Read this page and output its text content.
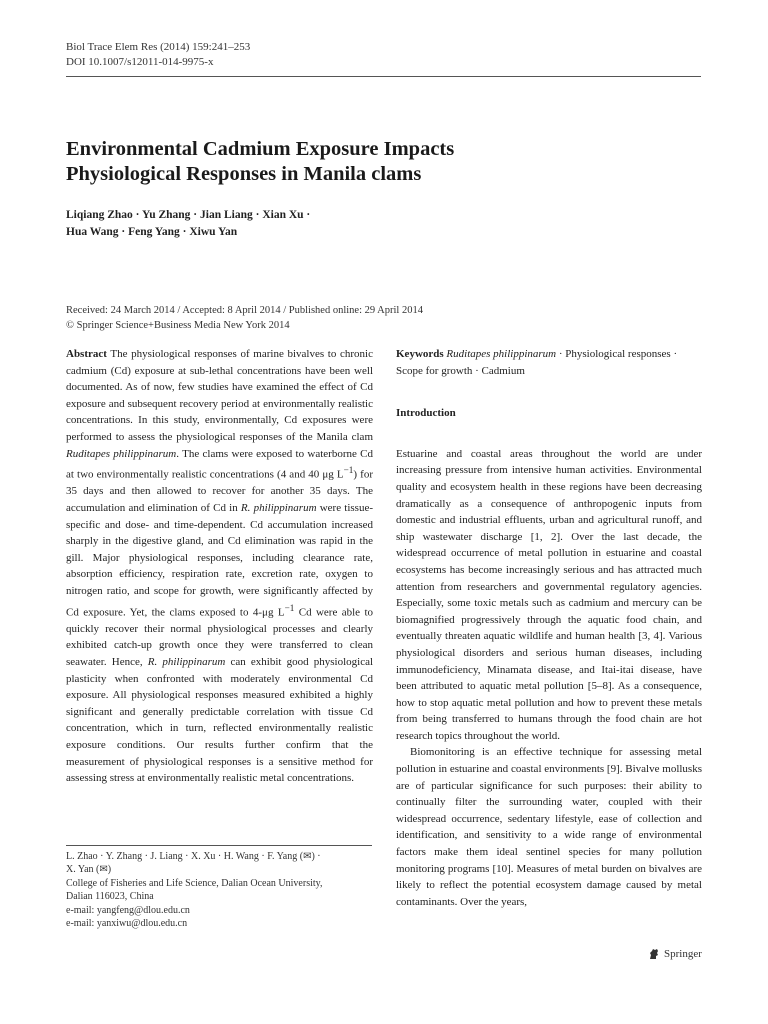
Biol Trace Elem Res (2014) 159:241–253
DOI 10.1007/s12011-014-9975-x
Environmental Cadmium Exposure Impacts
Physiological Responses in Manila clams
Liqiang Zhao · Yu Zhang · Jian Liang · Xian Xu ·
Hua Wang · Feng Yang · Xiwu Yan
Received: 24 March 2014 / Accepted: 8 April 2014 / Published online: 29 April 2014
© Springer Science+Business Media New York 2014

Abstract The physiological responses of marine bivalves to chronic cadmium (Cd) exposure at sub-lethal concentrations have been well documented. As of now, few studies have examined the effect of Cd exposure and subsequent recovery period at environmentally realistic concentrations. In this study, environmentally, Cd exposures were performed to assess the physiological responses of the Manila clam Ruditapes philippinarum. The clams were exposed to waterborne Cd at two environmentally realistic concentrations (4 and 40 μg $L^{-1}$) for 35 days and then allowed to recover for another 35 days. The accumulation and elimination of Cd in R. philippinarum were tissue-specific and dose- and time-dependent. Cd accumulation increased sharply in the digestive gland, and Cd elimination was rapid in the gill. Major physiological responses, including clearance rate, absorption efficiency, respiration rate, excretion rate, oxygen to nitrogen ratio, and scope for growth, were significantly affected by Cd exposure. Yet, the clams exposed to 4-μg $L^{-1}$ Cd were able to quickly recover their normal physiological processes and clearly exhibited catch-up growth once they were transferred to clean seawater. Hence, R. philippinarum can exhibit good physiological plasticity when confronted with moderately environmental Cd exposure. All physiological responses measured exhibited a highly significant and generally predictable correlation with tissue Cd concentration, which in turn, reflected environmentally realistic exposure conditions. Our results further confirm that the measurement of physiological responses is a sensitive method for assessing stress at environmentally realistic metal concentrations.

L. Zhao · Y. Zhang · J. Liang · X. Xu · H. Wang · F. Yang (✉) ·
X. Yan (✉)
College of Fisheries and Life Science, Dalian Ocean University,
Dalian 116023, China
e-mail: yangfeng@dlou.edu.cn
e-mail: yanxiwu@dlou.edu.cn

Keywords Ruditapes philippinarum · Physiological responses · Scope for growth · Cadmium

Introduction

Estuarine and coastal areas throughout the world are under increasing pressure from intensive human activities. Environmental quality and ecosystem health in these regions have been decreasing dramatically as a consequence of anthropogenic inputs from domestic and industrial effluents, urban and agricultural runoff, and ship wastewater discharge [1, 2]. Over the last decade, the widespread occurrence of metal pollution in estuarine and coastal ecosystems has become increasingly serious and has attracted much attention from researchers and governmental regulatory agencies. Especially, some toxic metals such as cadmium and mercury can be biomagnified progressively through the aquatic food chain, and eventually threaten aquatic wildlife and human health [3, 4]. Various physiological disorders and serious human diseases, including immunodeficiency, Minamata disease, and Itai-itai disease, have been attributed to aquatic metal pollution [5–8]. As a consequence, how to stop aquatic metal pollution and how to prevent these metals from being transferred to humans through the food chain are hot research topics throughout the world.

Biomonitoring is an effective technique for assessing metal pollution in estuarine and coastal environments [9]. Bivalve mollusks are of particular significance for such purposes: their ability to continually filter the surrounding water, coupled with their widespread occurrence, sedentary lifestyle, ease of collection and identification, and sensitivity to a wide range of environmental factors make them ideal sentinel species for many pollution monitoring programs [10]. Measures of metal burden on bivalves are likely to reflect the potential ecosystem damage caused by metal contaminants. Over the years,

Springer
